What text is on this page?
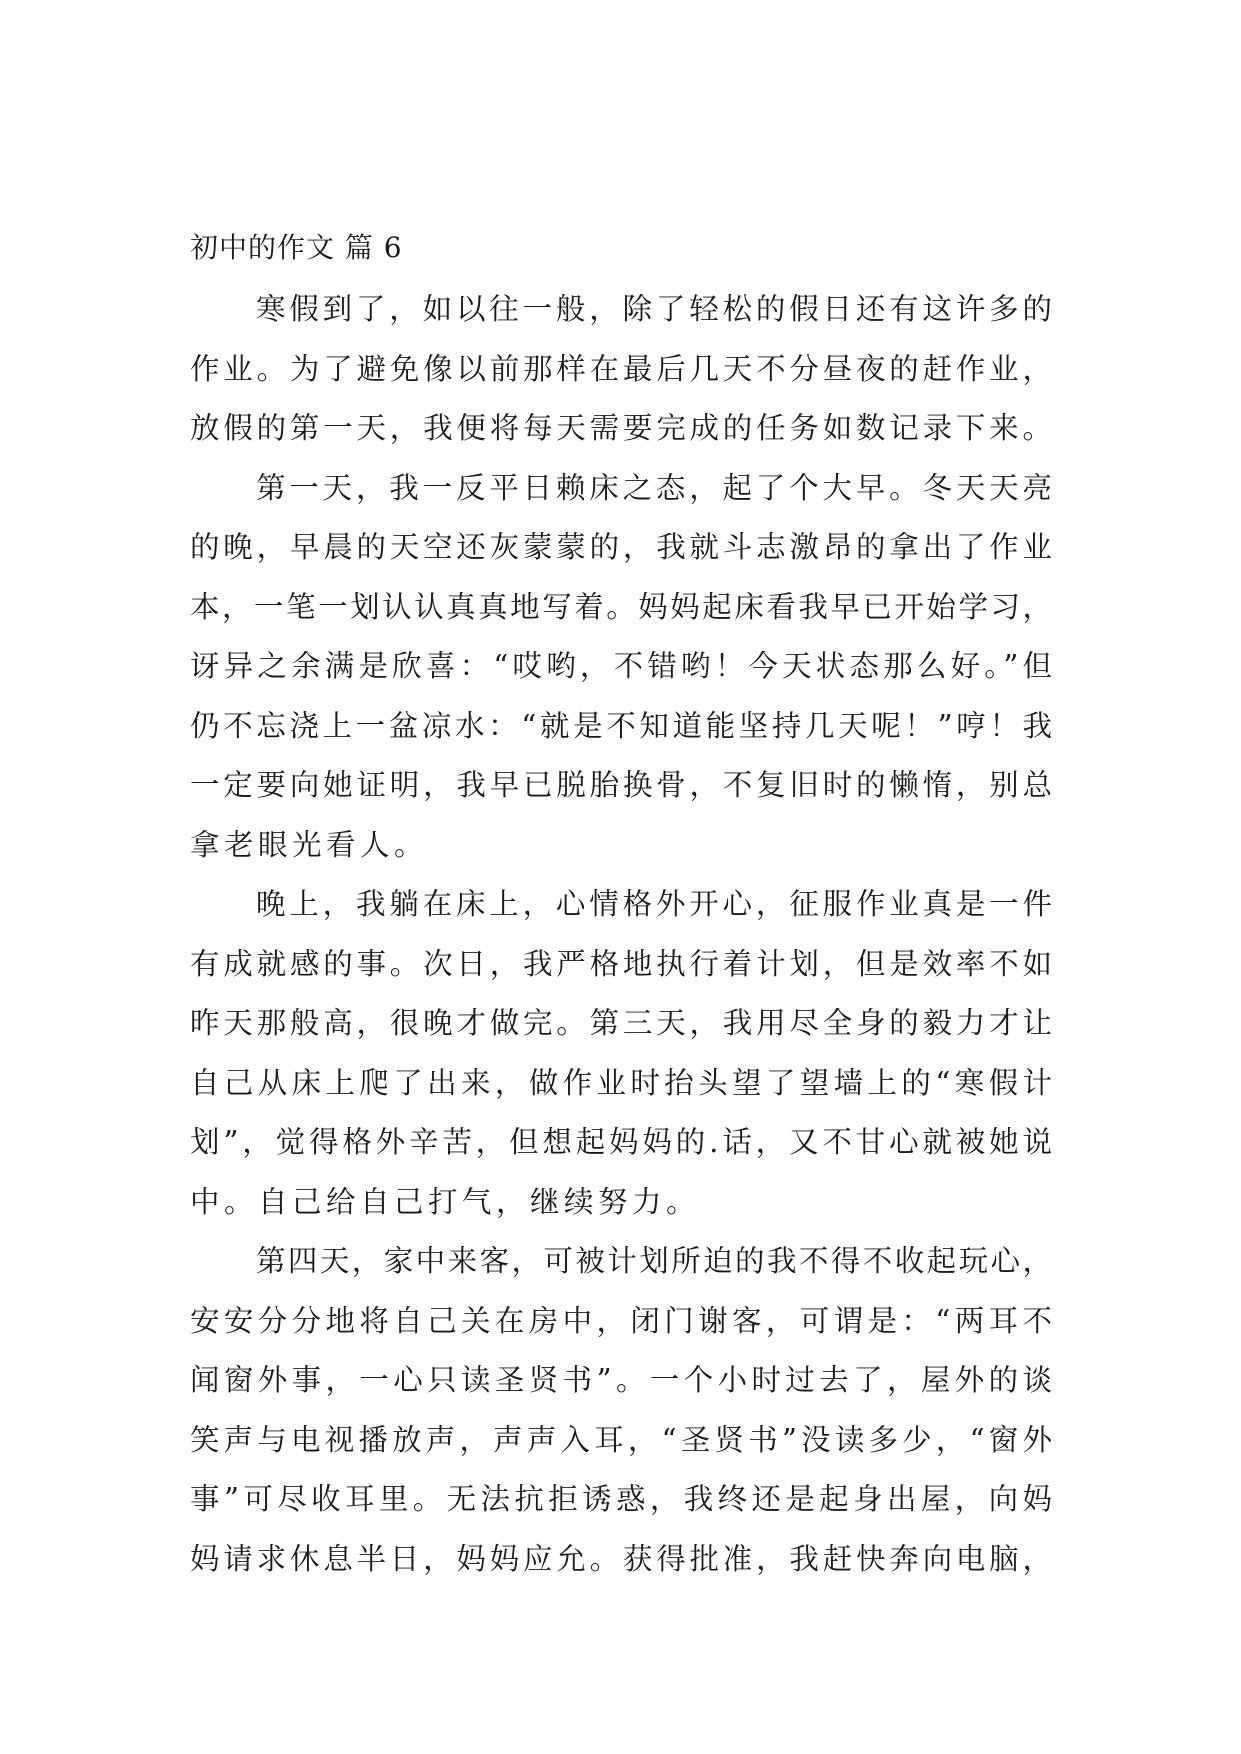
初中的作文 篇 6
寒假到了，如以往一般，除了轻松的假日还有这许多的
作业。为了避免像以前那样在最后几天不分昼夜的赶作业，
放假的第一天，我便将每天需要完成的任务如数记录下来。
第一天，我一反平日赖床之态，起了个大早。冬天天亮
的晚，早晨的天空还灰蒙蒙的，我就斗志激昂的拿出了作业
本，一笔一划认认真真地写着。妈妈起床看我早已开始学习，
讶异之余满是欣喜：“哎哟，不错哟！今天状态那么好。”但
仍不忘浇上一盆凉水：“就是不知道能坚持几天呢！”哼！我
一定要向她证明，我早已脱胎换骨，不复旧时的懒惰，别总
拿老眼光看人。
晚上，我躺在床上，心情格外开心，征服作业真是一件
有成就感的事。次日，我严格地执行着计划，但是效率不如
昨天那般高，很晚才做完。第三天，我用尽全身的毅力才让
自己从床上爬了出来，做作业时抬头望了望墙上的“寒假计
划”，觉得格外辛苦，但想起妈妈的.话，又不甘心就被她说
中。自己给自己打气，继续努力。
第四天，家中来客，可被计划所迫的我不得不收起玩心，
安安分分地将自己关在房中，闭门谢客，可谓是：“两耳不
闻窗外事，一心只读圣贤书”。一个小时过去了，屋外的谈
笑声与电视播放声，声声入耳，“圣贤书”没读多少，“窗外
事”可尽收耳里。无法抗拒诱惑，我终还是起身出屋，向妈
妈请求休息半日，妈妈应允。获得批准，我赶快奔向电脑，
